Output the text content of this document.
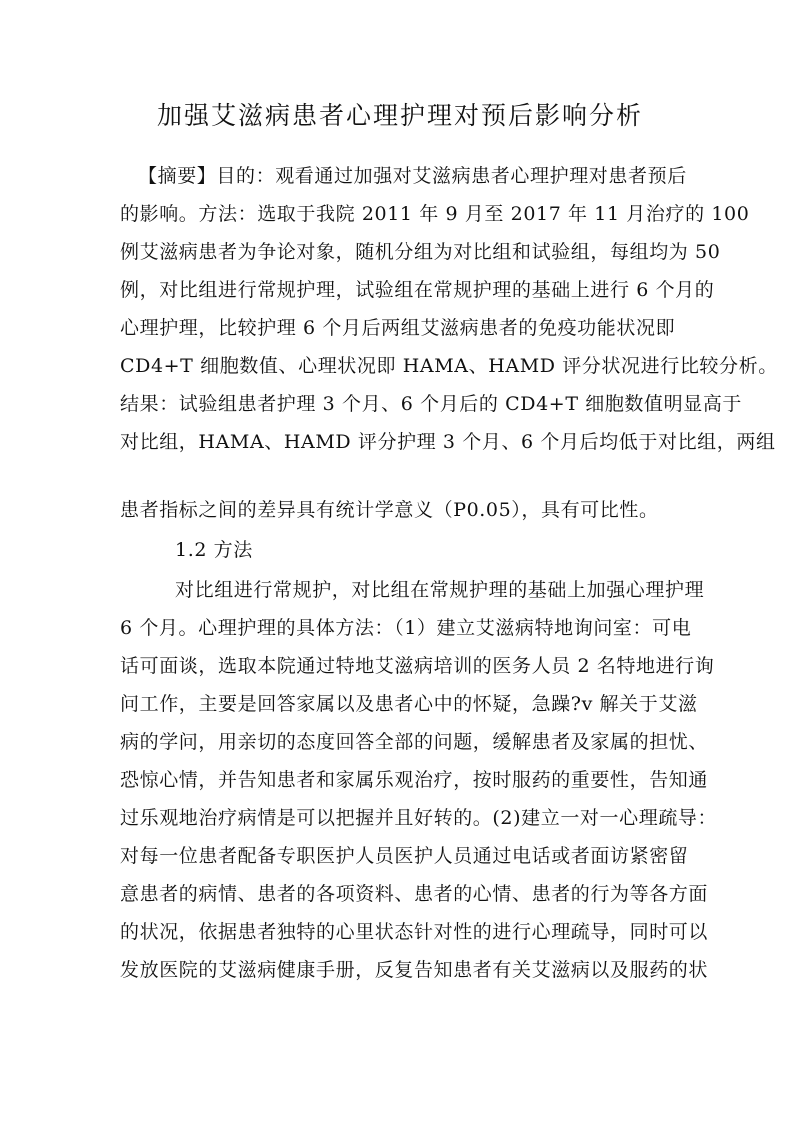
加强艾滋病患者心理护理对预后影响分析
【摘要】目的：观看通过加强对艾滋病患者心理护理对患者预后
的影响。方法：选取于我院 2011 年 9 月至 2017 年 11 月治疗的 100
例艾滋病患者为争论对象，随机分组为对比组和试验组，每组均为 50
例，对比组进行常规护理，试验组在常规护理的基础上进行 6 个月的
心理护理，比较护理 6 个月后两组艾滋病患者的免疫功能状况即
CD4+T 细胞数值、心理状况即 HAMA、HAMD 评分状况进行比较分析。
结果：试验组患者护理 3 个月、6 个月后的 CD4+T 细胞数值明显高于
对比组，HAMA、HAMD 评分护理 3 个月、6 个月后均低于对比组，两组
患者指标之间的差异具有统计学意义（P0.05），具有可比性。
1.2 方法
对比组进行常规护，对比组在常规护理的基础上加强心理护理
6 个月。心理护理的具体方法：（1）建立艾滋病特地询问室：可电
话可面谈，选取本院通过特地艾滋病培训的医务人员 2 名特地进行询
问工作，主要是回答家属以及患者心中的怀疑，急躁?v 解关于艾滋
病的学问，用亲切的态度回答全部的问题，缓解患者及家属的担忧、
恐惊心情，并告知患者和家属乐观治疗，按时服药的重要性，告知通
过乐观地治疗病情是可以把握并且好转的。(2)建立一对一心理疏导：
对每一位患者配备专职医护人员医护人员通过电话或者面访紧密留
意患者的病情、患者的各项资料、患者的心情、患者的行为等各方面
的状况，依据患者独特的心里状态针对性的进行心理疏导，同时可以
发放医院的艾滋病健康手册，反复告知患者有关艾滋病以及服药的状
